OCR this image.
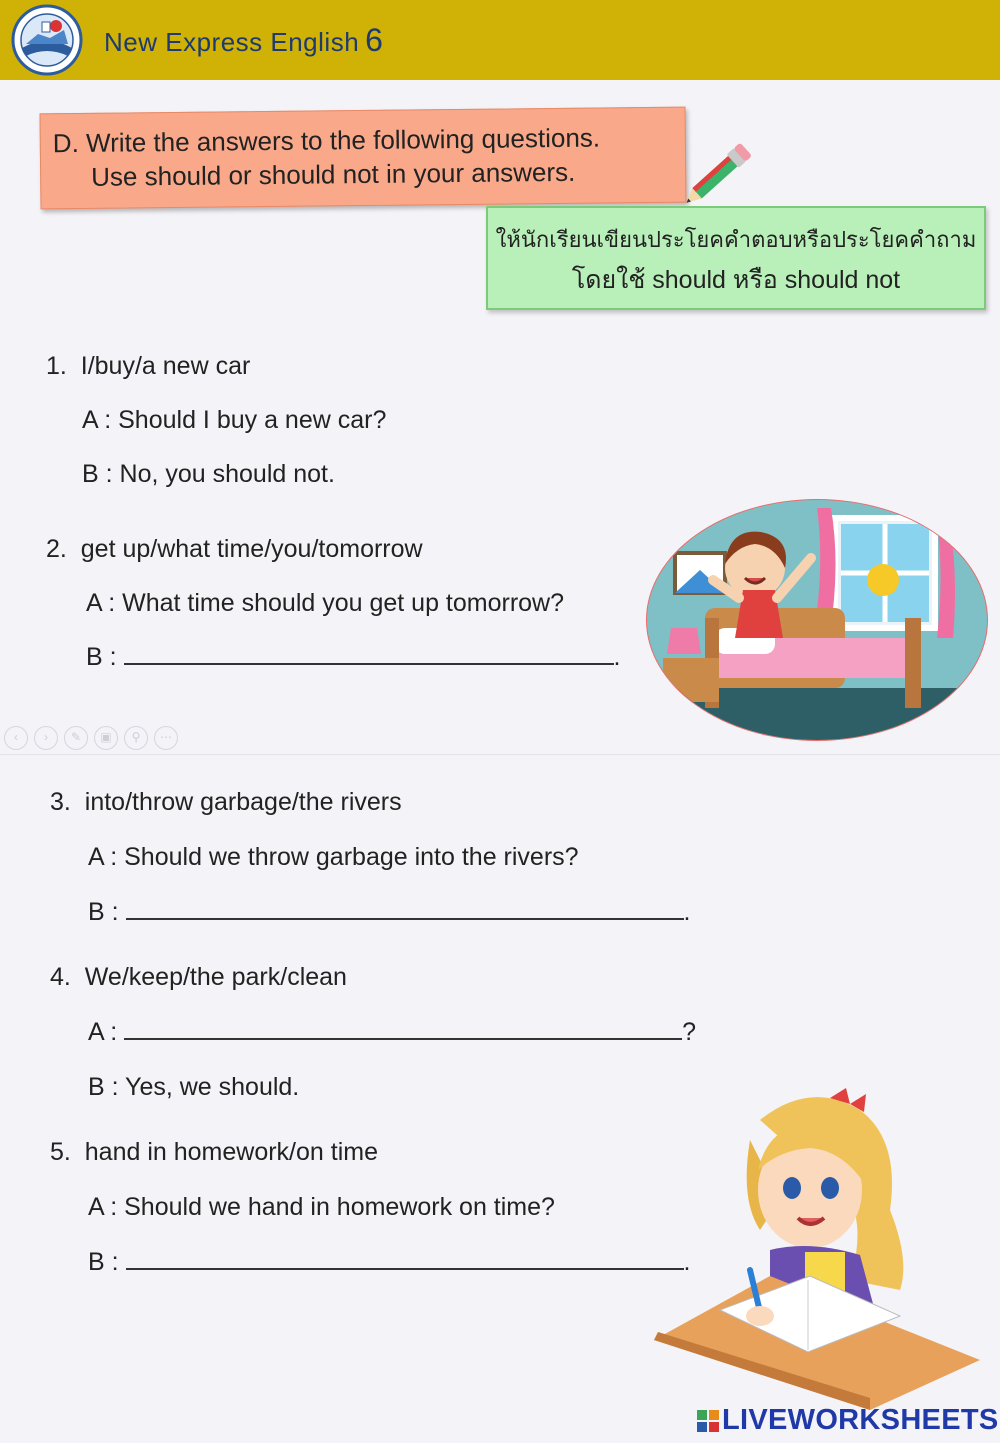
New Express English 6
D. Write the answers to the following questions.
Use should or should not in your answers.
ให้นักเรียนเขียนประโยคคำตอบหรือประโยคคำถาม
โดยใช้ should หรือ should not
1. I/buy/a new car
A : Should I buy a new car?
B : No, you should not.
2. get up/what time/you/tomorrow
A : What time should you get up tomorrow?
B :	.
‹ › ✎ ▣ ⚲ ⋯
3. into/throw garbage/the rivers
A : Should we throw garbage into the rivers?
B :	.
4. We/keep/the park/clean
A :	?
B : Yes, we should.
5. hand in homework/on time
A : Should we hand in homework on time?
B :	.
LIVEWORKSHEETS
